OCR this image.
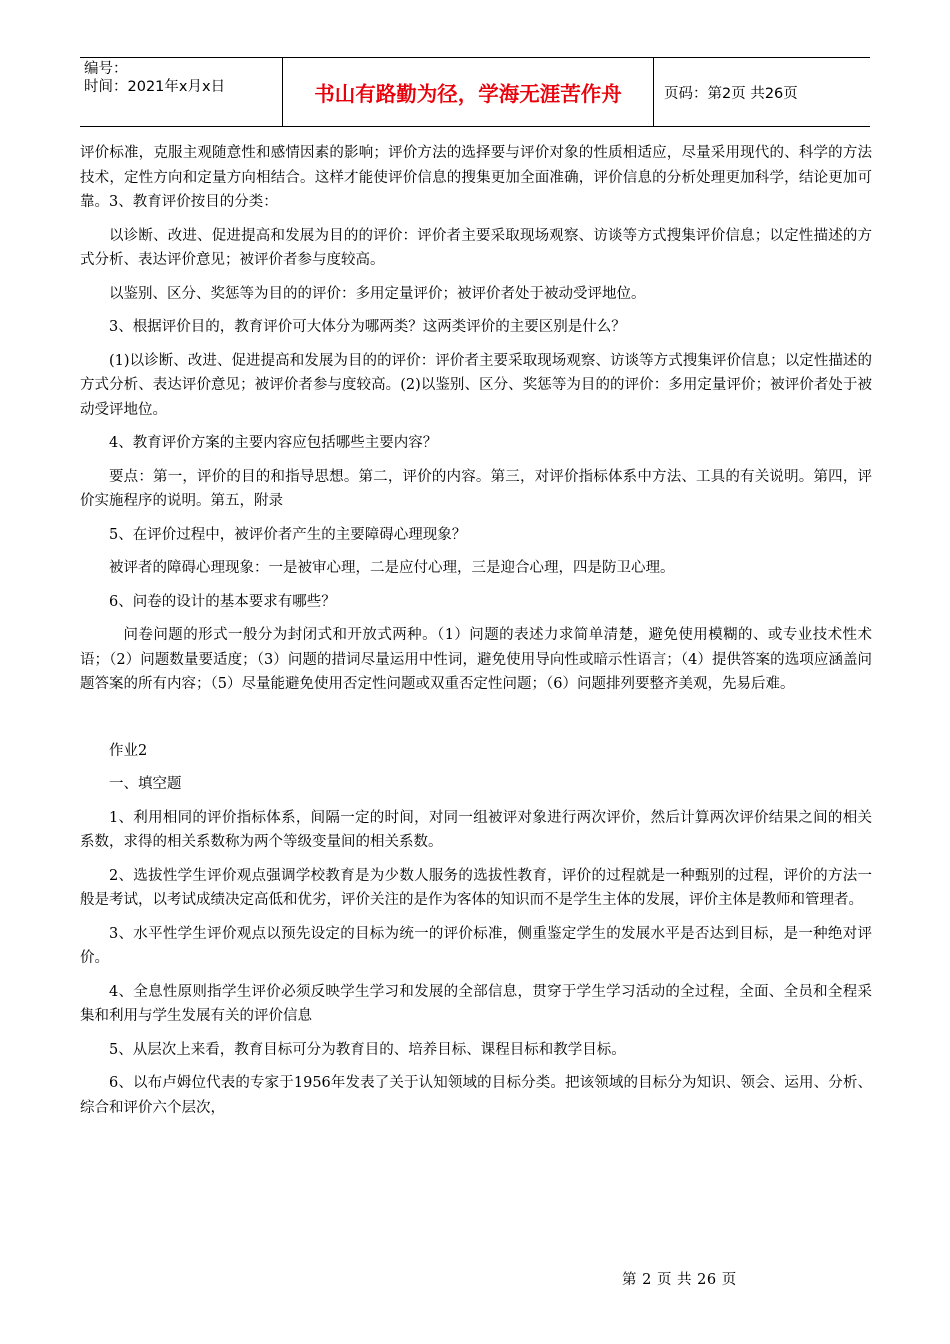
编号：
时间：2021年x月x日	书山有路勤为径，学海无涯苦作舟	页码：第2页 共26页

评价标准，克服主观随意性和感情因素的影响；评价方法的选择要与评价对象的性质相适应，尽量采用现代的、科学的方法技术，定性方向和定量方向相结合。这样才能使评价信息的搜集更加全面准确，评价信息的分析处理更加科学，结论更加可靠。3、教育评价按目的分类：

以诊断、改进、促进提高和发展为目的的评价：评价者主要采取现场观察、访谈等方式搜集评价信息；以定性描述的方式分析、表达评价意见；被评价者参与度较高。

以鉴别、区分、奖惩等为目的的评价：多用定量评价；被评价者处于被动受评地位。

3、根据评价目的，教育评价可大体分为哪两类？这两类评价的主要区别是什么？

(1)以诊断、改进、促进提高和发展为目的的评价：评价者主要采取现场观察、访谈等方式搜集评价信息；以定性描述的方式分析、表达评价意见；被评价者参与度较高。(2)以鉴别、区分、奖惩等为目的的评价：多用定量评价；被评价者处于被动受评地位。

4、教育评价方案的主要内容应包括哪些主要内容？

要点：第一，评价的目的和指导思想。第二，评价的内容。第三，对评价指标体系中方法、工具的有关说明。第四，评价实施程序的说明。第五，附录

5、在评价过程中，被评价者产生的主要障碍心理现象？

被评者的障碍心理现象：一是被审心理，二是应付心理，三是迎合心理，四是防卫心理。

6、问卷的设计的基本要求有哪些？

问卷问题的形式一般分为封闭式和开放式两种。（1）问题的表述力求简单清楚，避免使用模糊的、或专业技术性术语；（2）问题数量要适度；（3）问题的措词尽量运用中性词，避免使用导向性或暗示性语言；（4）提供答案的选项应涵盖问题答案的所有内容；（5）尽量能避免使用否定性问题或双重否定性问题；（6）问题排列要整齐美观，先易后难。

作业2

一、填空题

1、利用相同的评价指标体系，间隔一定的时间，对同一组被评对象进行两次评价，然后计算两次评价结果之间的相关系数，求得的相关系数称为两个等级变量间的相关系数。

2、选拔性学生评价观点强调学校教育是为少数人服务的选拔性教育，评价的过程就是一种甄别的过程，评价的方法一般是考试，以考试成绩决定高低和优劣，评价关注的是作为客体的知识而不是学生主体的发展，评价主体是教师和管理者。

3、水平性学生评价观点以预先设定的目标为统一的评价标准，侧重鉴定学生的发展水平是否达到目标，是一种绝对评价。

4、全息性原则指学生评价必须反映学生学习和发展的全部信息，贯穿于学生学习活动的全过程，全面、全员和全程采集和利用与学生发展有关的评价信息

5、从层次上来看，教育目标可分为教育目的、培养目标、课程目标和教学目标。

6、以布卢姆位代表的专家于1956年发表了关于认知领域的目标分类。把该领域的目标分为知识、领会、运用、分析、综合和评价六个层次，

第 2 页 共 26 页
